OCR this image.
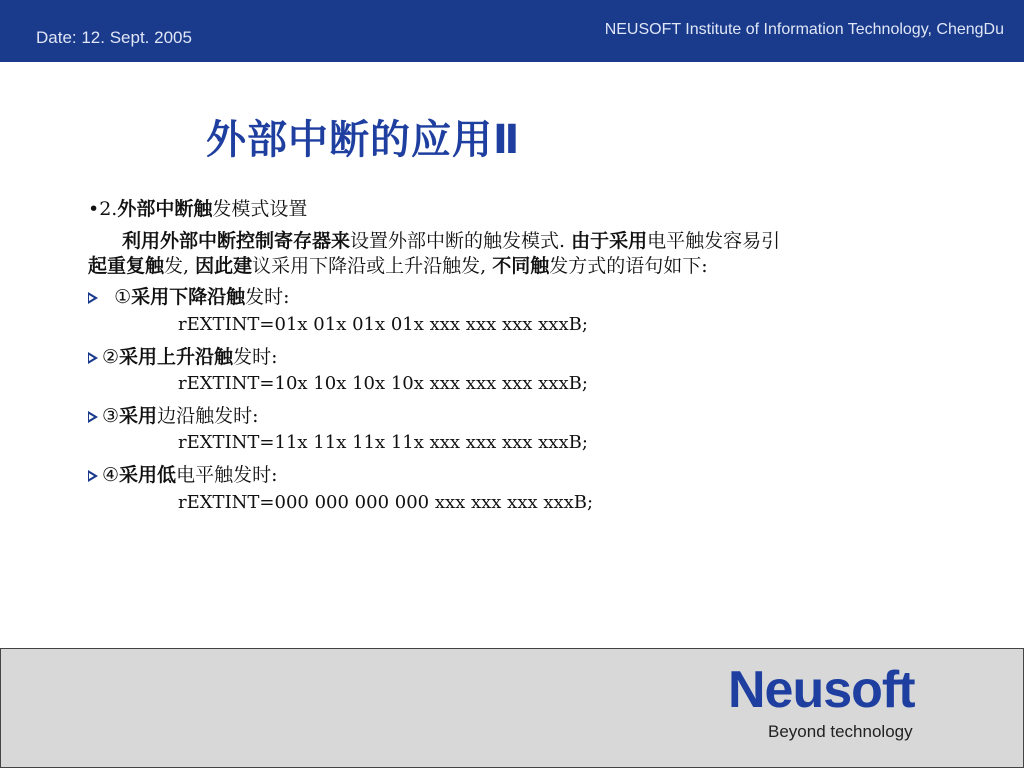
Date: 12. Sept. 2005	NEUSOFT Institute of Information Technology, ChengDu
外部中断的应用Ⅱ
•2.外部中断触发模式设置
利用外部中断控制寄存器来设置外部中断的触发模式. 由于采用电平触发容易引
起重复触发, 因此建议采用下降沿或上升沿触发, 不同触发方式的语句如下:
①采用下降沿触发时:
rEXTINT=01x 01x 01x 01x xxx xxx xxx xxxB;
②采用上升沿触发时:
rEXTINT=10x 10x 10x 10x xxx xxx xxx xxxB;
③采用边沿触发时:
rEXTINT=11x 11x 11x 11x xxx xxx xxx xxxB;
④采用低电平触发时:
rEXTINT=000 000 000 000 xxx xxx xxx xxxB;
Neusoft
Beyond technology
